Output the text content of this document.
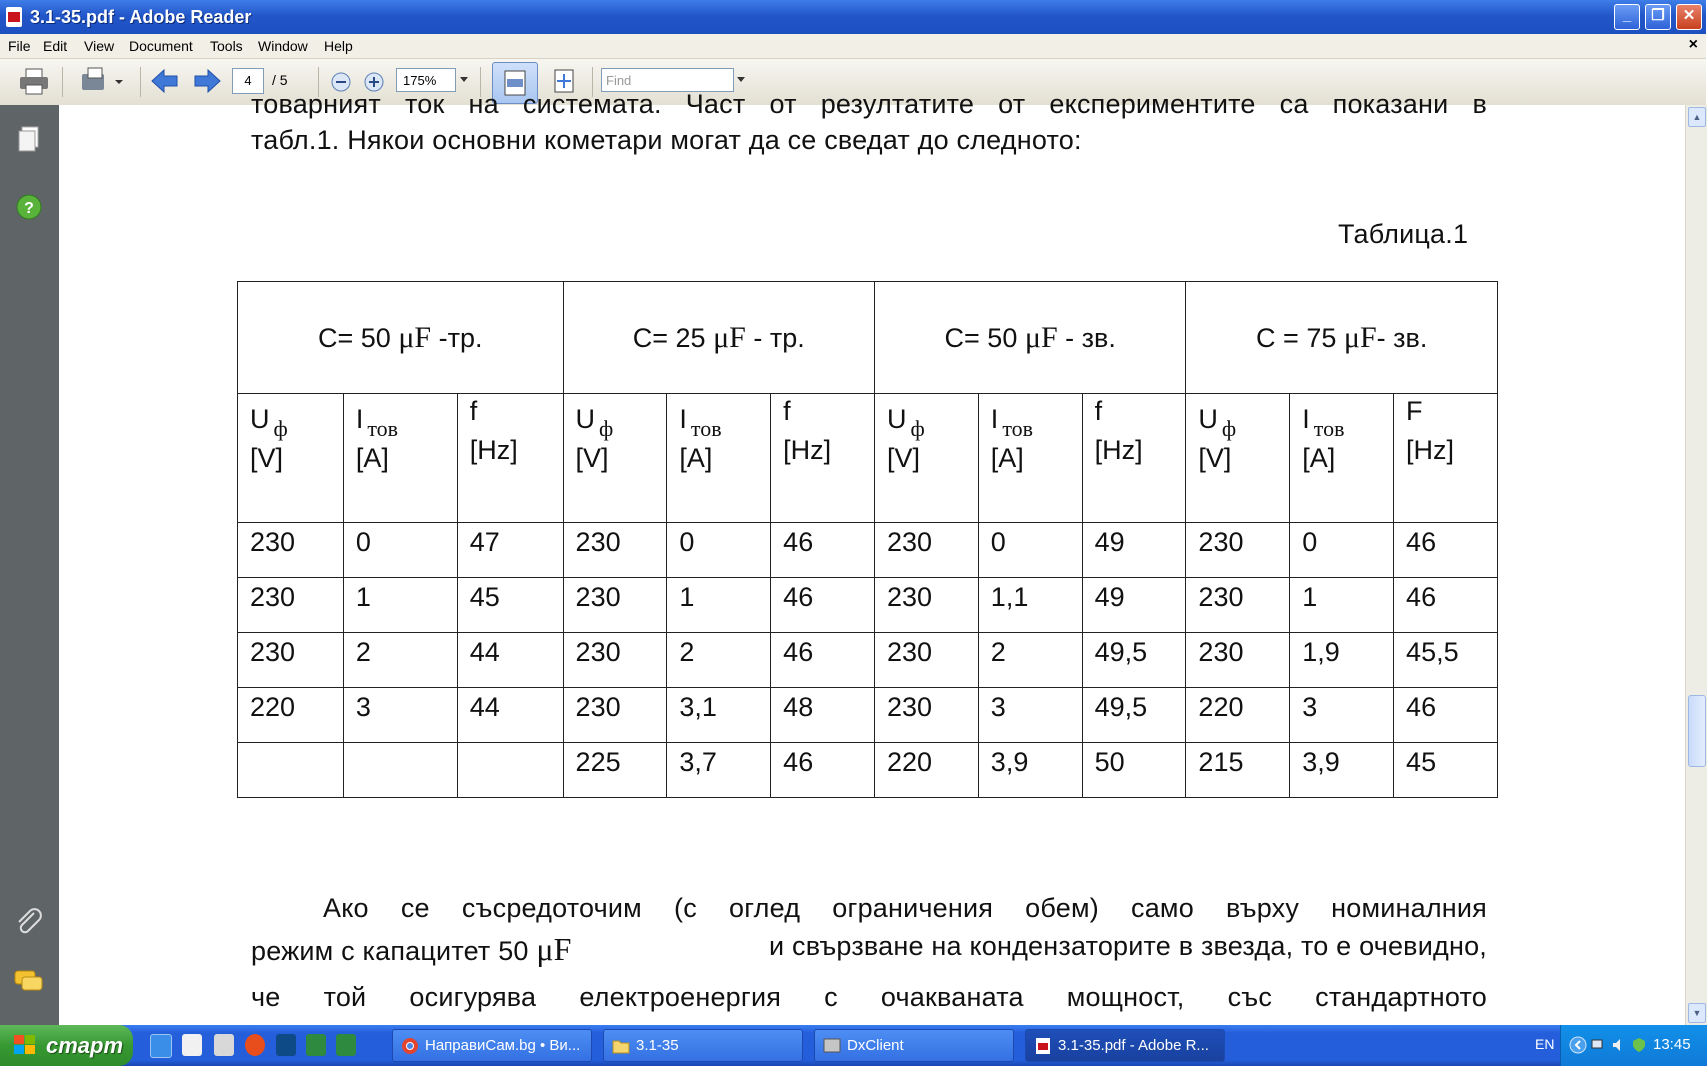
3.1-35.pdf - Adobe Reader	_	❐	✕
File Edit View Document Tools Window Help	×
4	/ 5	175%	Find
?
товарният ток на системата. Част от резултатите от експериментите са показани в
табл.1. Някои основни кометари могат да се сведат до следното:
Таблица.1
C= 50 μF -тр.			C= 25 μF - тр.			C= 50 μF - зв.			C = 75 μF- зв.		

U $_ф$
[V]	I $_{тов}$
[A]	f
[Hz]	U $_ф$
[V]	I $_{тов}$
[A]	f
[Hz]	U $_ф$
[V]	I $_{тов}$
[A]	f
[Hz]	U $_ф$
[V]	I $_{тов}$
[A]	F
[Hz]

230	0	47	230	0	46	230	0	49	230	0	46
230	1	45	230	1	46	230	1,1	49	230	1	46
230	2	44	230	2	46	230	2	49,5	230	1,9	45,5
220	3	44	230	3,1	48	230	3	49,5	220	3	46
			225	3,7	46	220	3,9	50	215	3,9	45
Ако се съсредоточим (с оглед ограничения обем) само върху номиналния
режим с капацитет 50 μF	и свързване на кондензаторите в звезда, то е очевидно,
че той осигурява електроенергия с очакваната мощност, със стандартното
▲
▼
старт	НаправиСам.bg • Ви...	3.1-35	DxClient	3.1-35.pdf - Adobe R...	EN	13:45
